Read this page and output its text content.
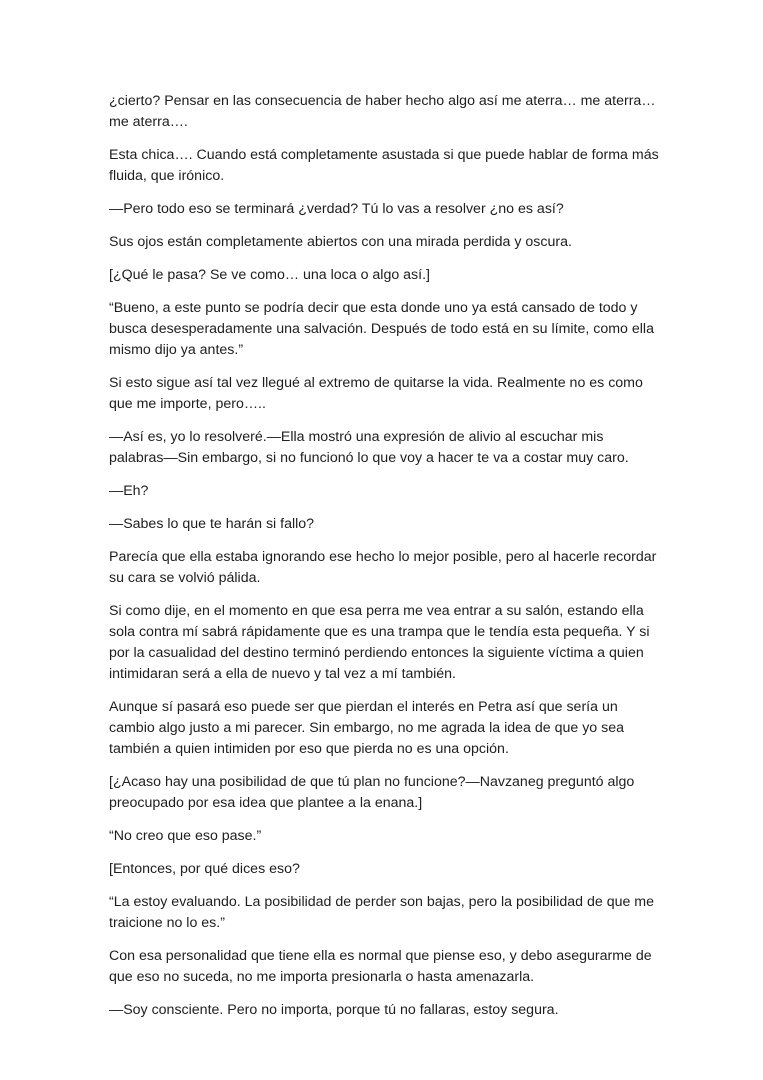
¿cierto? Pensar en las consecuencia de haber hecho algo así me aterra… me aterra… me aterra….

Esta chica…. Cuando está completamente asustada si que puede hablar de forma más fluida, que irónico.

—Pero todo eso se terminará ¿verdad? Tú lo vas a resolver ¿no es así?

Sus ojos están completamente abiertos con una mirada perdida y oscura.

[¿Qué le pasa? Se ve como… una loca o algo así.]

“Bueno, a este punto se podría decir que esta donde uno ya está cansado de todo y busca desesperadamente una salvación. Después de todo está en su límite, como ella mismo dijo ya antes.”

Si esto sigue así tal vez llegué al extremo de quitarse la vida. Realmente no es como que me importe, pero…..

—Así es, yo lo resolveré.—Ella mostró una expresión de alivio al escuchar mis palabras—Sin embargo, si no funcionó lo que voy a hacer te va a costar muy caro.

—Eh?

—Sabes lo que te harán si fallo?

Parecía que ella estaba ignorando ese hecho lo mejor posible, pero al hacerle recordar su cara se volvió pálida.

Si como dije, en el momento en que esa perra me vea entrar a su salón, estando ella sola contra mí sabrá rápidamente que es una trampa que le tendía esta pequeña. Y si por la casualidad del destino terminó perdiendo entonces la siguiente víctima a quien intimidaran será a ella de nuevo y tal vez a mí también.

Aunque sí pasará eso puede ser que pierdan el interés en Petra así que sería un cambio algo justo a mi parecer. Sin embargo, no me agrada la idea de que yo sea también a quien intimiden por eso que pierda no es una opción.

[¿Acaso hay una posibilidad de que tú plan no funcione?—Navzaneg preguntó algo preocupado por esa idea que plantee a la enana.]

“No creo que eso pase.”

[Entonces, por qué dices eso?

“La estoy evaluando. La posibilidad de perder son bajas, pero la posibilidad de que me traicione no lo es.”

Con esa personalidad que tiene ella es normal que piense eso, y debo asegurarme de que eso no suceda, no me importa presionarla o hasta amenazarla.

—Soy consciente. Pero no importa, porque tú no fallaras, estoy segura.
